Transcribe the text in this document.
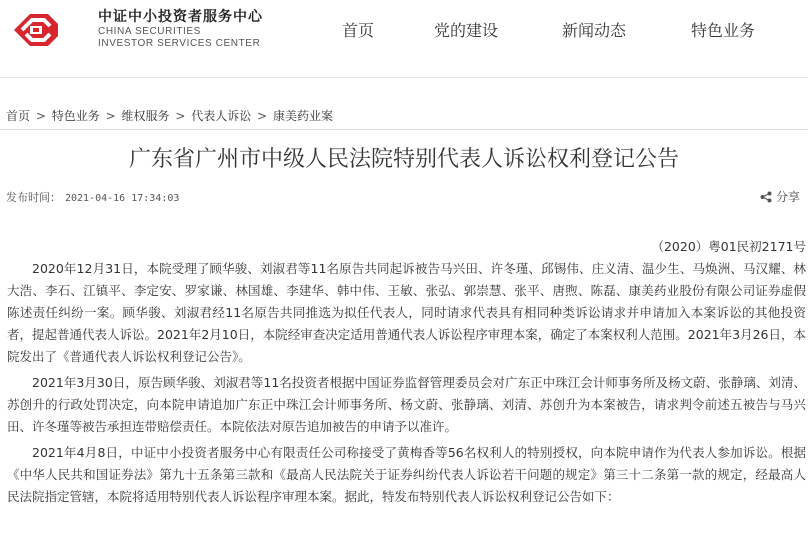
中证中小投资者服务中心
CHINA SECURITIES
INVESTOR SERVICES CENTER
首页	党的建设	新闻动态	特色业务
首页 > 特色业务 > 维权服务 > 代表人诉讼 > 康美药业案
广东省广州市中级人民法院特别代表人诉讼权利登记公告
发布时间： 2021-04-16 17:34:03	分享

（2020）粤01民初2171号

2020年12月31日，本院受理了顾华骏、刘淑君等11名原告共同起诉被告马兴田、许冬瑾、邱锡伟、庄义清、温少生、马焕洲、马汉耀、林大浩、李石、江镇平、李定安、罗家谦、林国雄、李建华、韩中伟、王敏、张弘、郭崇慧、张平、唐煦、陈磊、康美药业股份有限公司证券虚假陈述责任纠纷一案。顾华骏、刘淑君经11名原告共同推选为拟任代表人，同时请求代表具有相同种类诉讼请求并申请加入本案诉讼的其他投资者，提起普通代表人诉讼。2021年2月10日，本院经审查决定适用普通代表人诉讼程序审理本案，确定了本案权利人范围。2021年3月26日，本院发出了《普通代表人诉讼权利登记公告》。

2021年3月30日，原告顾华骏、刘淑君等11名投资者根据中国证券监督管理委员会对广东正中珠江会计师事务所及杨文蔚、张静璃、刘清、苏创升的行政处罚决定，向本院申请追加广东正中珠江会计师事务所、杨文蔚、张静璃、刘清、苏创升为本案被告，请求判令前述五被告与马兴田、许冬瑾等被告承担连带赔偿责任。本院依法对原告追加被告的申请予以准许。

2021年4月8日，中证中小投资者服务中心有限责任公司称接受了黄梅香等56名权利人的特别授权，向本院申请作为代表人参加诉讼。根据《中华人民共和国证券法》第九十五条第三款和《最高人民法院关于证券纠纷代表人诉讼若干问题的规定》第三十二条第一款的规定，经最高人民法院指定管辖，本院将适用特别代表人诉讼程序审理本案。据此，特发布特别代表人诉讼权利登记公告如下：
